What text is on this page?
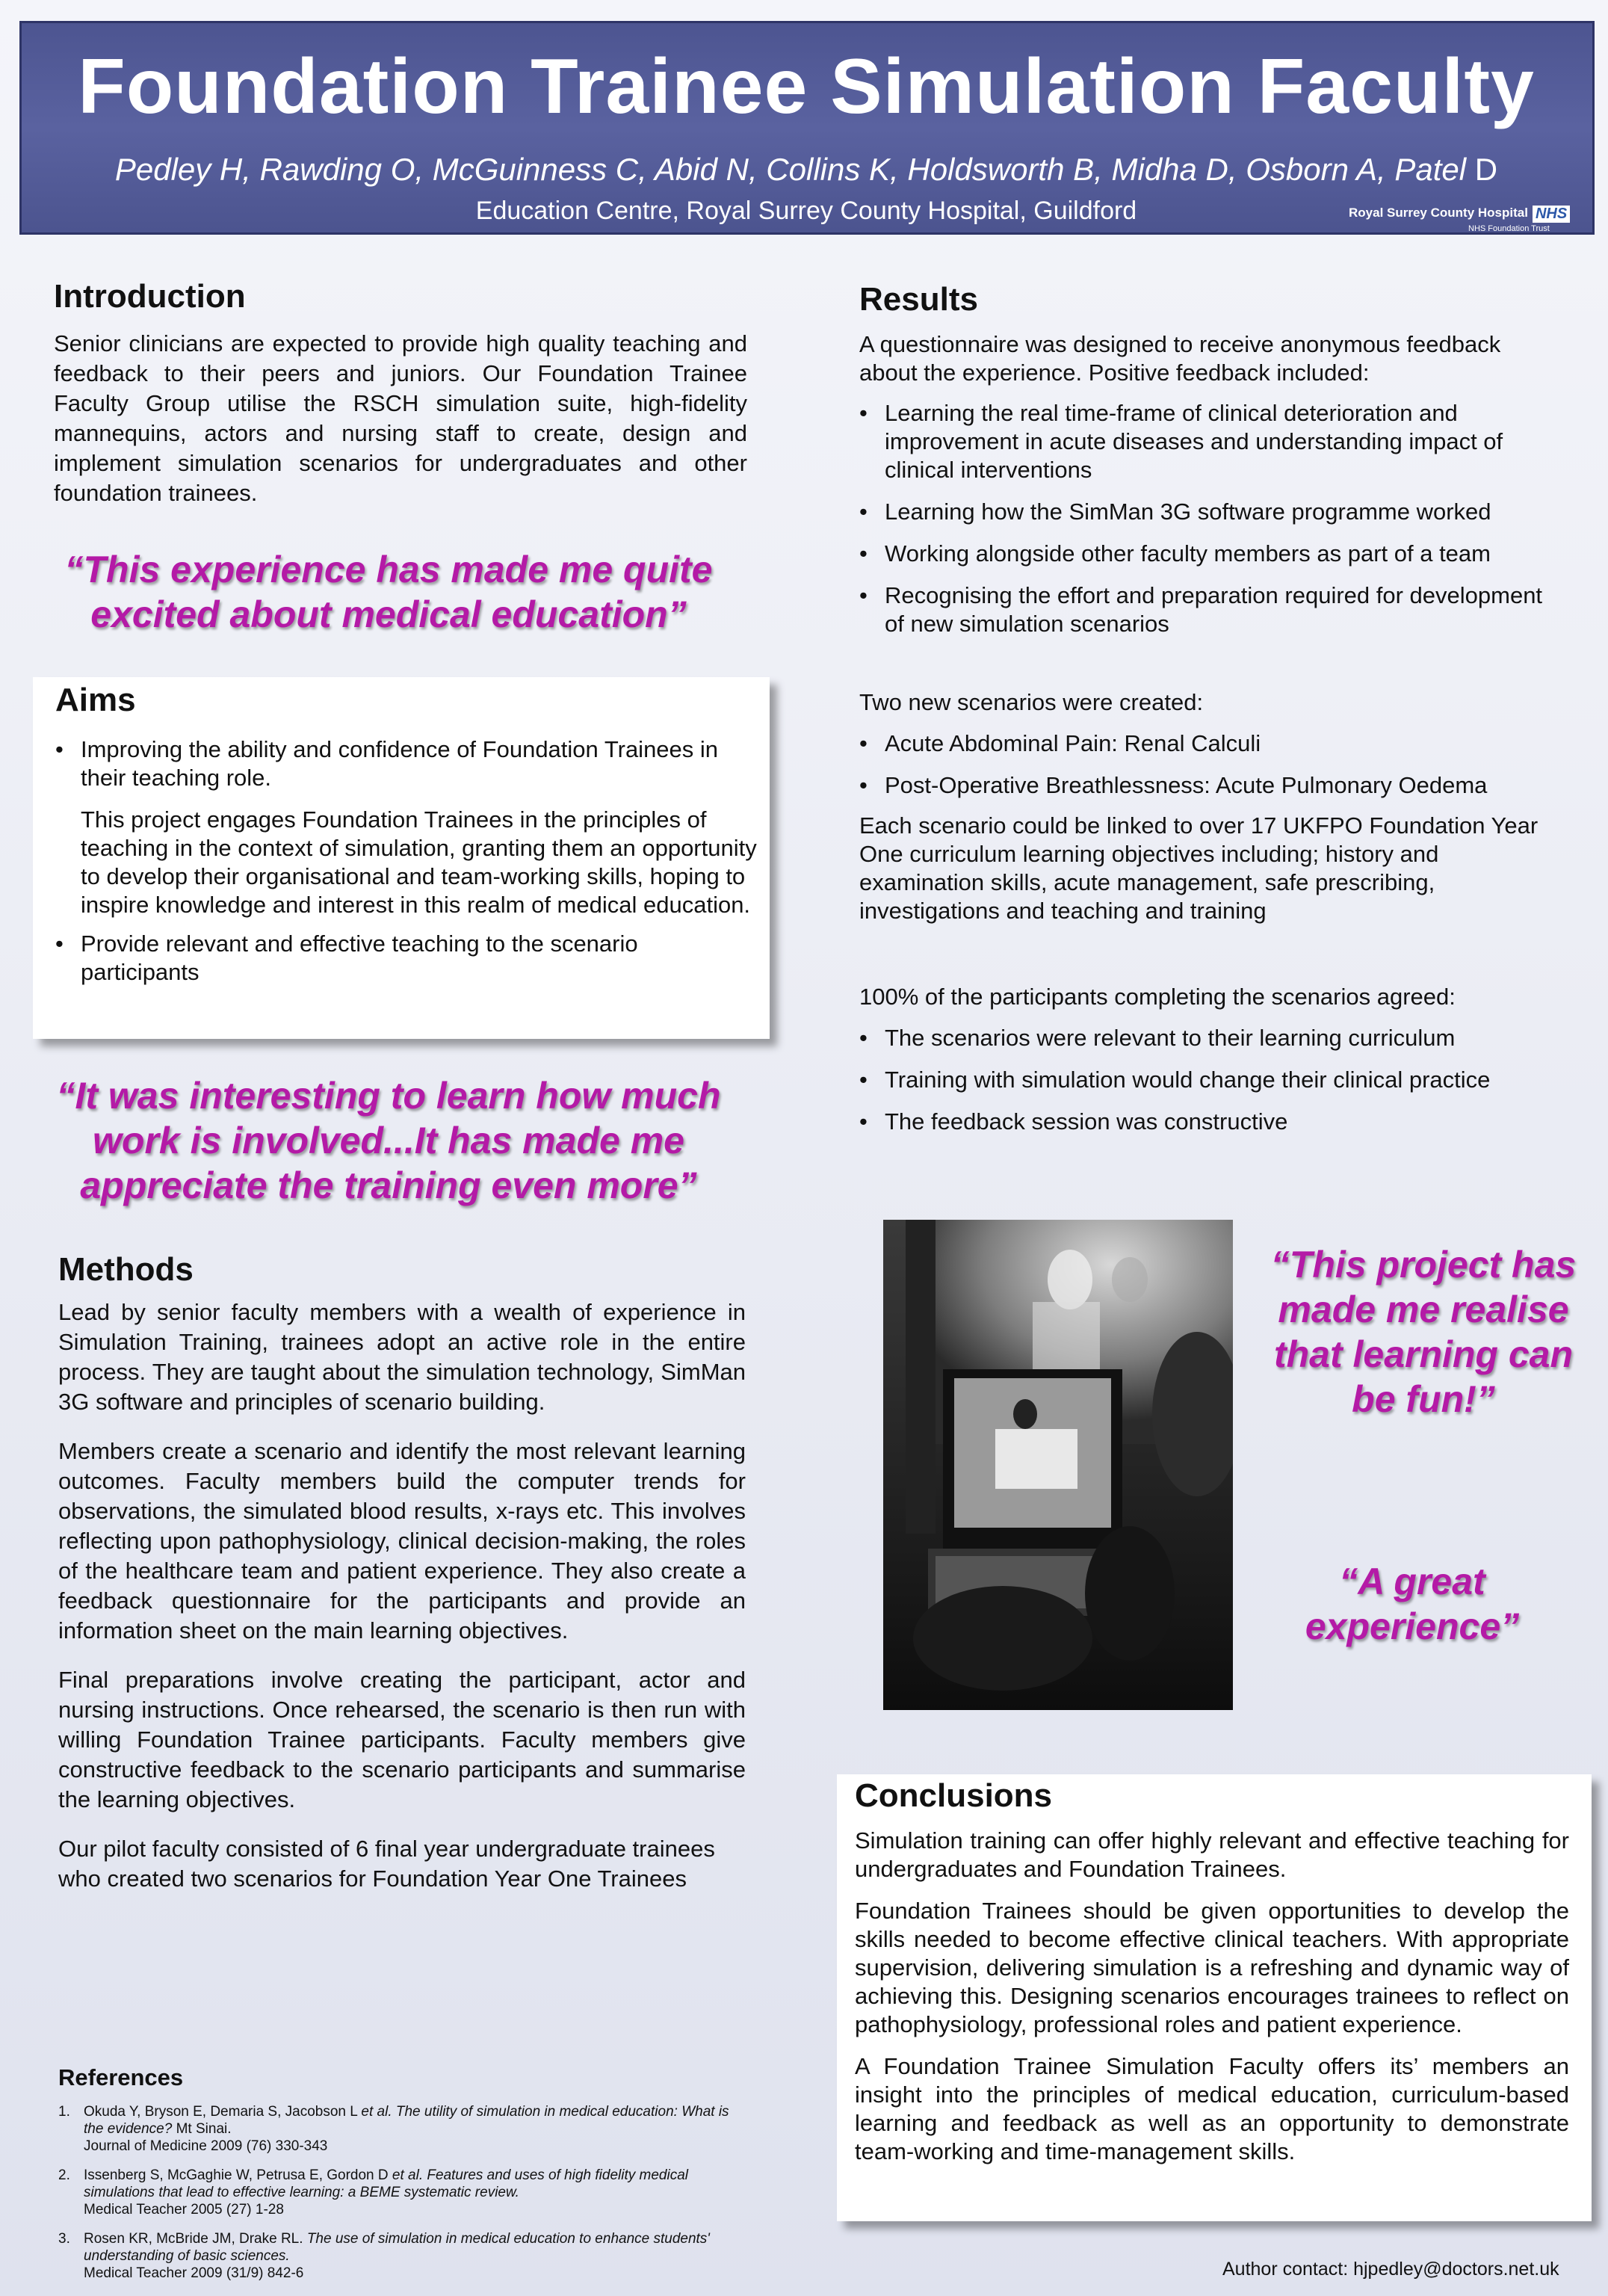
Foundation Trainee Simulation Faculty
Pedley H, Rawding O, McGuinness C, Abid N, Collins K, Holdsworth B, Midha D, Osborn A, Patel D
Education Centre, Royal Surrey County Hospital, Guildford	Royal Surrey County Hospital NHS
NHS Foundation Trust
Introduction

Senior clinicians are expected to provide high quality teaching and feedback to their peers and juniors. Our Foundation Trainee Faculty Group utilise the RSCH simulation suite, high-fidelity mannequins, actors and nursing staff to create, design and implement simulation scenarios for undergraduates and other foundation trainees.

“This experience has made me quite
excited about medical education”
Aims
• Improving the ability and confidence of Foundation Trainees in their teaching role.
This project engages Foundation Trainees in the principles of teaching in the context of simulation, granting them an opportunity to develop their organisational and team-working skills, hoping to inspire knowledge and interest in this realm of medical education.
• Provide relevant and effective teaching to the scenario participants
“It was interesting to learn how much
work is involved...It has made me
appreciate the training even more”
Methods

Lead by senior faculty members with a wealth of experience in Simulation Training, trainees adopt an active role in the entire process. They are taught about the simulation technology, SimMan 3G software and principles of scenario building.

Members create a scenario and identify the most relevant learning outcomes. Faculty members build the computer trends for observations, the simulated blood results, x-rays etc. This involves reflecting upon pathophysiology, clinical decision-making, the roles of the healthcare team and patient experience. They also create a feedback questionnaire for the participants and provide an information sheet on the main learning objectives.

Final preparations involve creating the participant, actor and nursing instructions. Once rehearsed, the scenario is then run with willing Foundation Trainee participants. Faculty members give constructive feedback to the scenario participants and summarise the learning objectives.

Our pilot faculty consisted of 6 final year undergraduate trainees who created two scenarios for Foundation Year One Trainees

References
1. Okuda Y, Bryson E, Demaria S, Jacobson L et al. The utility of simulation in medical education: What is the evidence? Mt Sinai.
Journal of Medicine 2009 (76) 330-343
2. Issenberg S, McGaghie W, Petrusa E, Gordon D et al. Features and uses of high fidelity medical simulations that lead to effective learning: a BEME systematic review.
Medical Teacher 2005 (27) 1-28
3. Rosen KR, McBride JM, Drake RL. The use of simulation in medical education to enhance students' understanding of basic sciences.
Medical Teacher 2009 (31/9) 842-6
Results

A questionnaire was designed to receive anonymous feedback about the experience. Positive feedback included:

• Learning the real time-frame of clinical deterioration and improvement in acute diseases and understanding impact of clinical interventions
• Learning how the SimMan 3G software programme worked
• Working alongside other faculty members as part of a team
• Recognising the effort and preparation required for development of new simulation scenarios

Two new scenarios were created:

• Acute Abdominal Pain: Renal Calculi
• Post-Operative Breathlessness: Acute Pulmonary Oedema

Each scenario could be linked to over 17 UKFPO Foundation Year One curriculum learning objectives including; history and examination skills, acute management, safe prescribing, investigations and teaching and training

100% of the participants completing the scenarios agreed:

• The scenarios were relevant to their learning curriculum
• Training with simulation would change their clinical practice
• The feedback session was constructive
“This project has
made me realise
that learning can
be fun!”
“A great
experience”
Conclusions

Simulation training can offer highly relevant and effective teaching for undergraduates and Foundation Trainees.

Foundation Trainees should be given opportunities to develop the skills needed to become effective clinical teachers. With appropriate supervision, delivering simulation is a refreshing and dynamic way of achieving this. Designing scenarios encourages trainees to reflect on pathophysiology, professional roles and patient experience.

A Foundation Trainee Simulation Faculty offers its’ members an insight into the principles of medical education, curriculum-based learning and feedback as well as an opportunity to demonstrate team-working and time-management skills.

Author contact: hjpedley@doctors.net.uk
